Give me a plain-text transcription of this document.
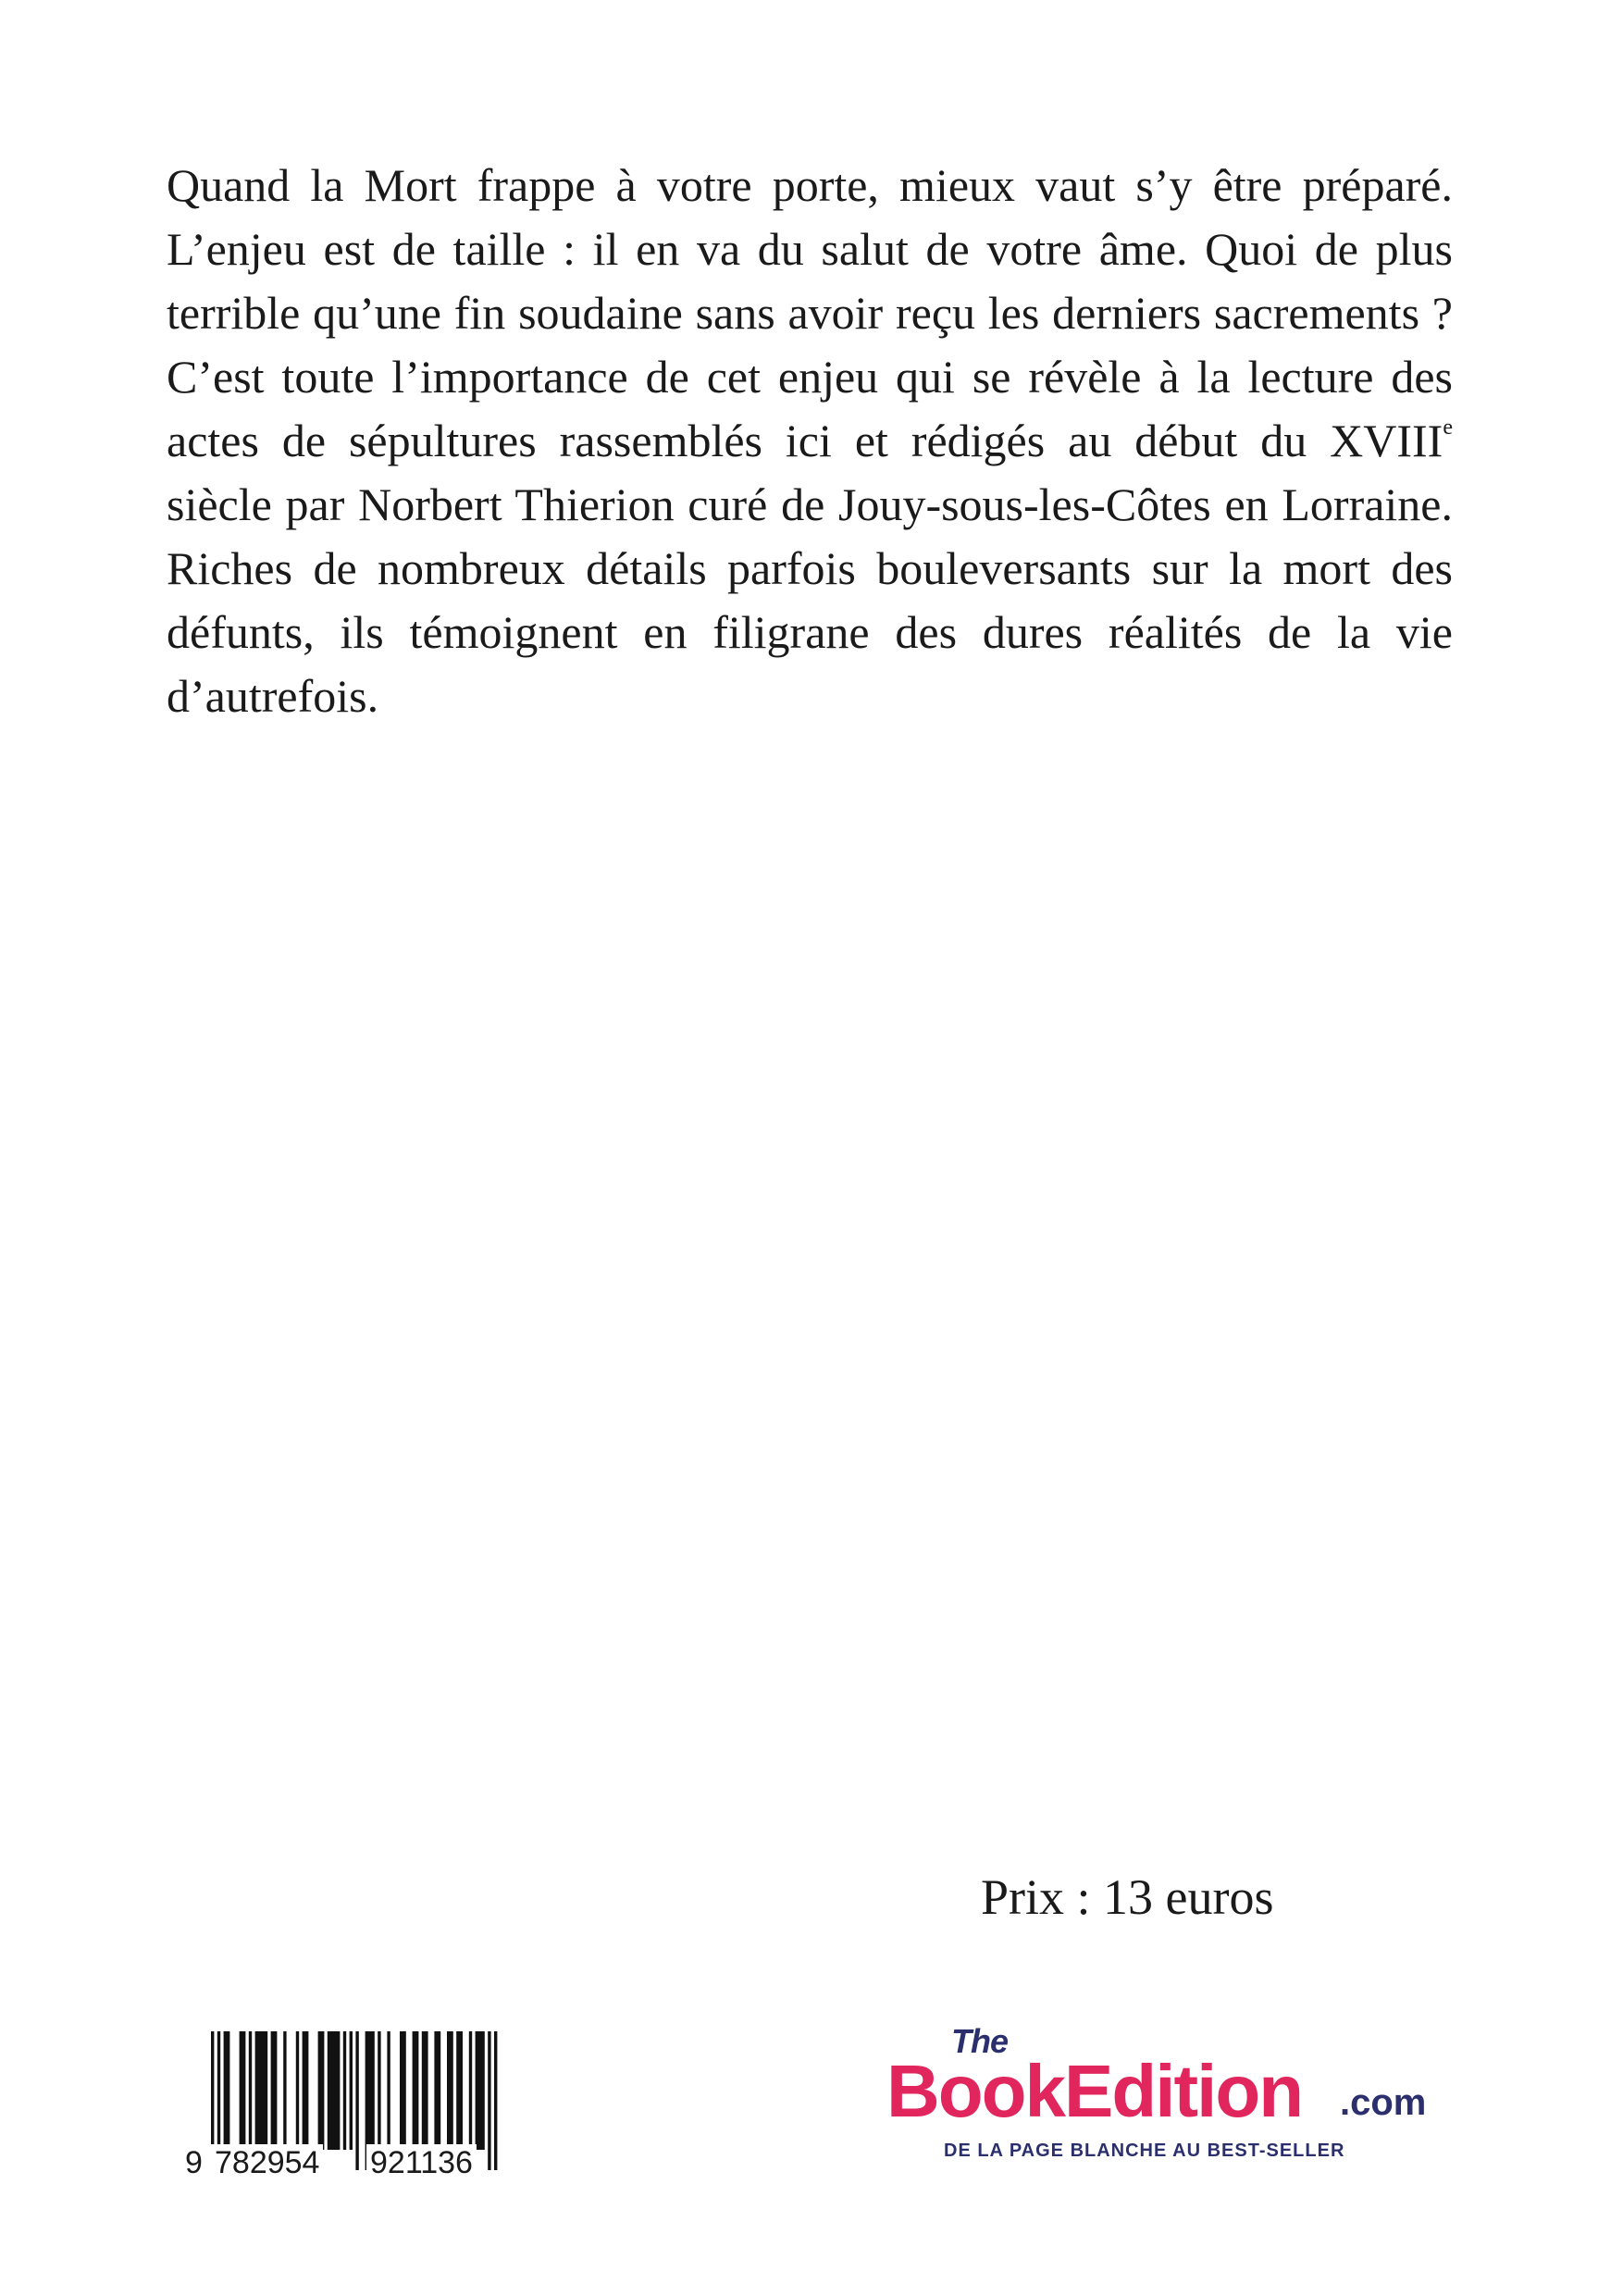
Quand la Mort frappe à votre porte, mieux vaut s’y être préparé. L’enjeu est de taille : il en va du salut de votre âme. Quoi de plus terrible qu’une fin soudaine sans avoir reçu les derniers sacrements ? C’est toute l’importance de cet enjeu qui se révèle à la lecture des actes de sépultures rassemblés ici et rédigés au début du XVIIIe siècle par Norbert Thierion curé de Jouy-sous-les-Côtes en Lorraine. Riches de nombreux détails parfois bouleversants sur la mort des défunts, ils témoignent en filigrane des dures réalités de la vie d’autrefois.

Prix : 13 euros
9 782954 921136
The
BookEdition .com
DE LA PAGE BLANCHE AU BEST-SELLER
